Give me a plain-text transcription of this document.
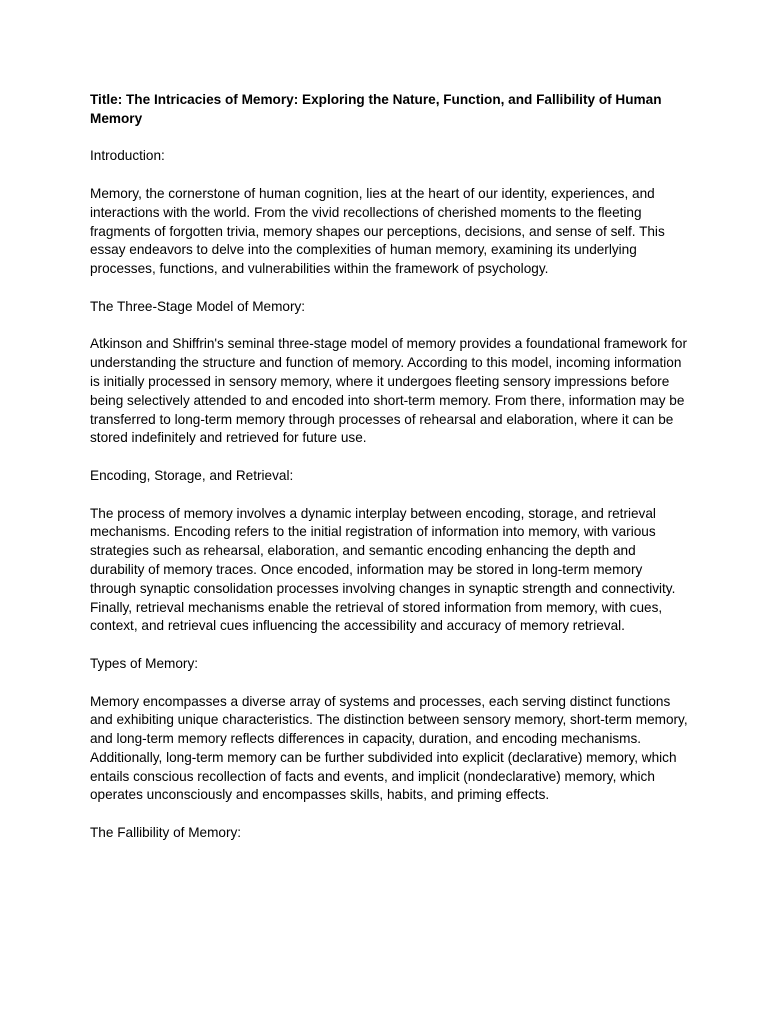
Title: The Intricacies of Memory: Exploring the Nature, Function, and Fallibility of Human Memory

Introduction:

Memory, the cornerstone of human cognition, lies at the heart of our identity, experiences, and interactions with the world. From the vivid recollections of cherished moments to the fleeting fragments of forgotten trivia, memory shapes our perceptions, decisions, and sense of self. This essay endeavors to delve into the complexities of human memory, examining its underlying processes, functions, and vulnerabilities within the framework of psychology.

The Three-Stage Model of Memory:

Atkinson and Shiffrin's seminal three-stage model of memory provides a foundational framework for understanding the structure and function of memory. According to this model, incoming information is initially processed in sensory memory, where it undergoes fleeting sensory impressions before being selectively attended to and encoded into short-term memory. From there, information may be transferred to long-term memory through processes of rehearsal and elaboration, where it can be stored indefinitely and retrieved for future use.

Encoding, Storage, and Retrieval:

The process of memory involves a dynamic interplay between encoding, storage, and retrieval mechanisms. Encoding refers to the initial registration of information into memory, with various strategies such as rehearsal, elaboration, and semantic encoding enhancing the depth and durability of memory traces. Once encoded, information may be stored in long-term memory through synaptic consolidation processes involving changes in synaptic strength and connectivity. Finally, retrieval mechanisms enable the retrieval of stored information from memory, with cues, context, and retrieval cues influencing the accessibility and accuracy of memory retrieval.

Types of Memory:

Memory encompasses a diverse array of systems and processes, each serving distinct functions and exhibiting unique characteristics. The distinction between sensory memory, short-term memory, and long-term memory reflects differences in capacity, duration, and encoding mechanisms. Additionally, long-term memory can be further subdivided into explicit (declarative) memory, which entails conscious recollection of facts and events, and implicit (nondeclarative) memory, which operates unconsciously and encompasses skills, habits, and priming effects.

The Fallibility of Memory:
